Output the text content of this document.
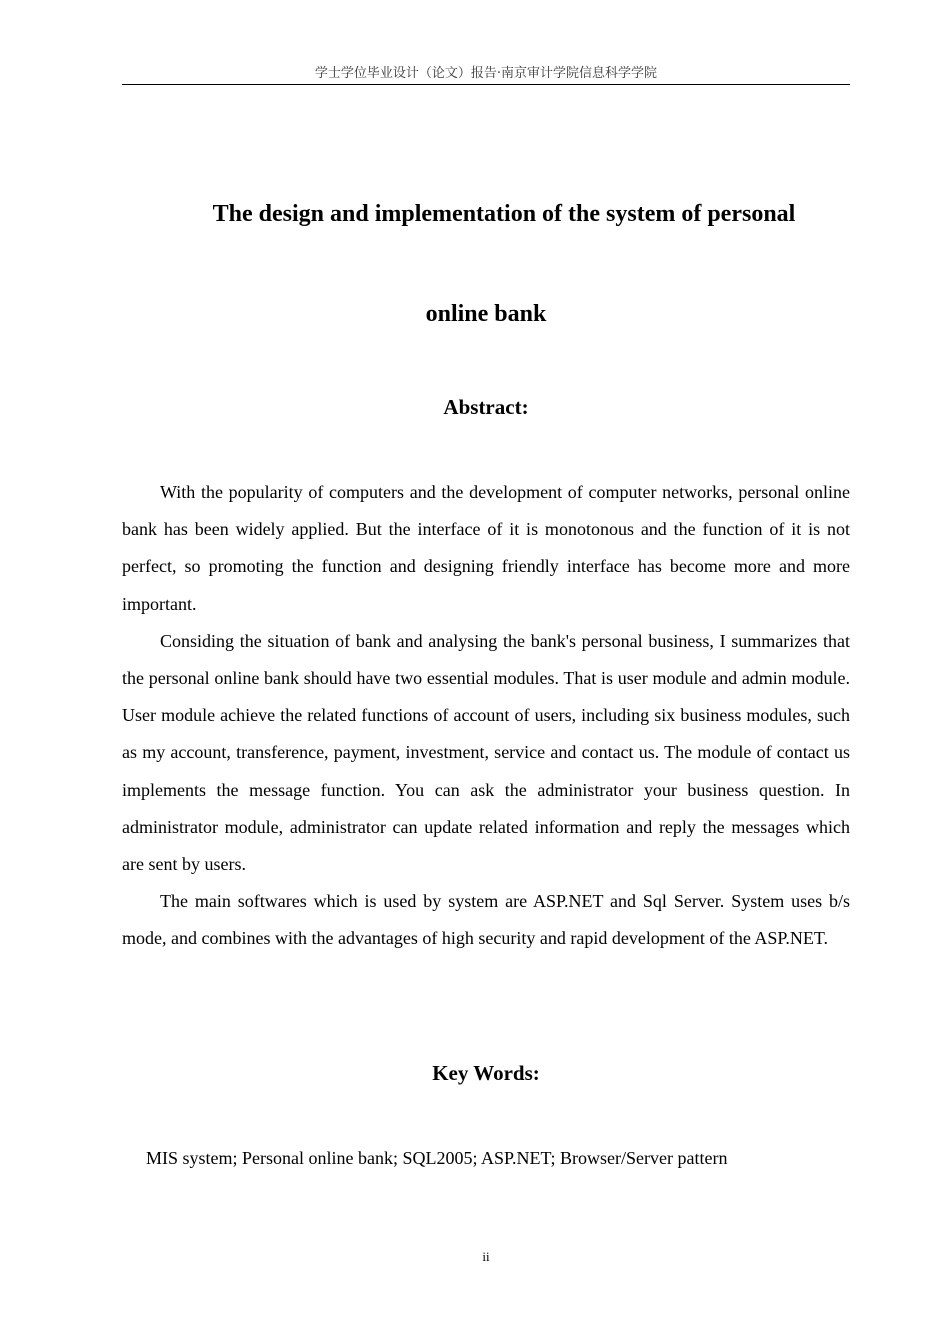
学士学位毕业设计（论文）报告·南京审计学院信息科学学院
The design and implementation of the system of personal
online bank
Abstract:

With the popularity of computers and the development of computer networks, personal online bank has been widely applied. But the interface of it is monotonous and the function of it is not perfect, so promoting the function and designing friendly interface has become more and more important.

Considing the situation of bank and analysing the bank's personal business, I summarizes that the personal online bank should have two essential modules. That is user module and admin module. User module achieve the related functions of account of users, including six business modules, such as my account, transference, payment, investment, service and contact us. The module of contact us implements the message function. You can ask the administrator your business question. In administrator module, administrator can update related information and reply the messages which are sent by users.

The main softwares which is used by system are ASP.NET and Sql Server. System uses b/s mode, and combines with the advantages of high security and rapid development of the ASP.NET.

Key Words:
MIS system; Personal online bank; SQL2005; ASP.NET; Browser/Server pattern
ii
